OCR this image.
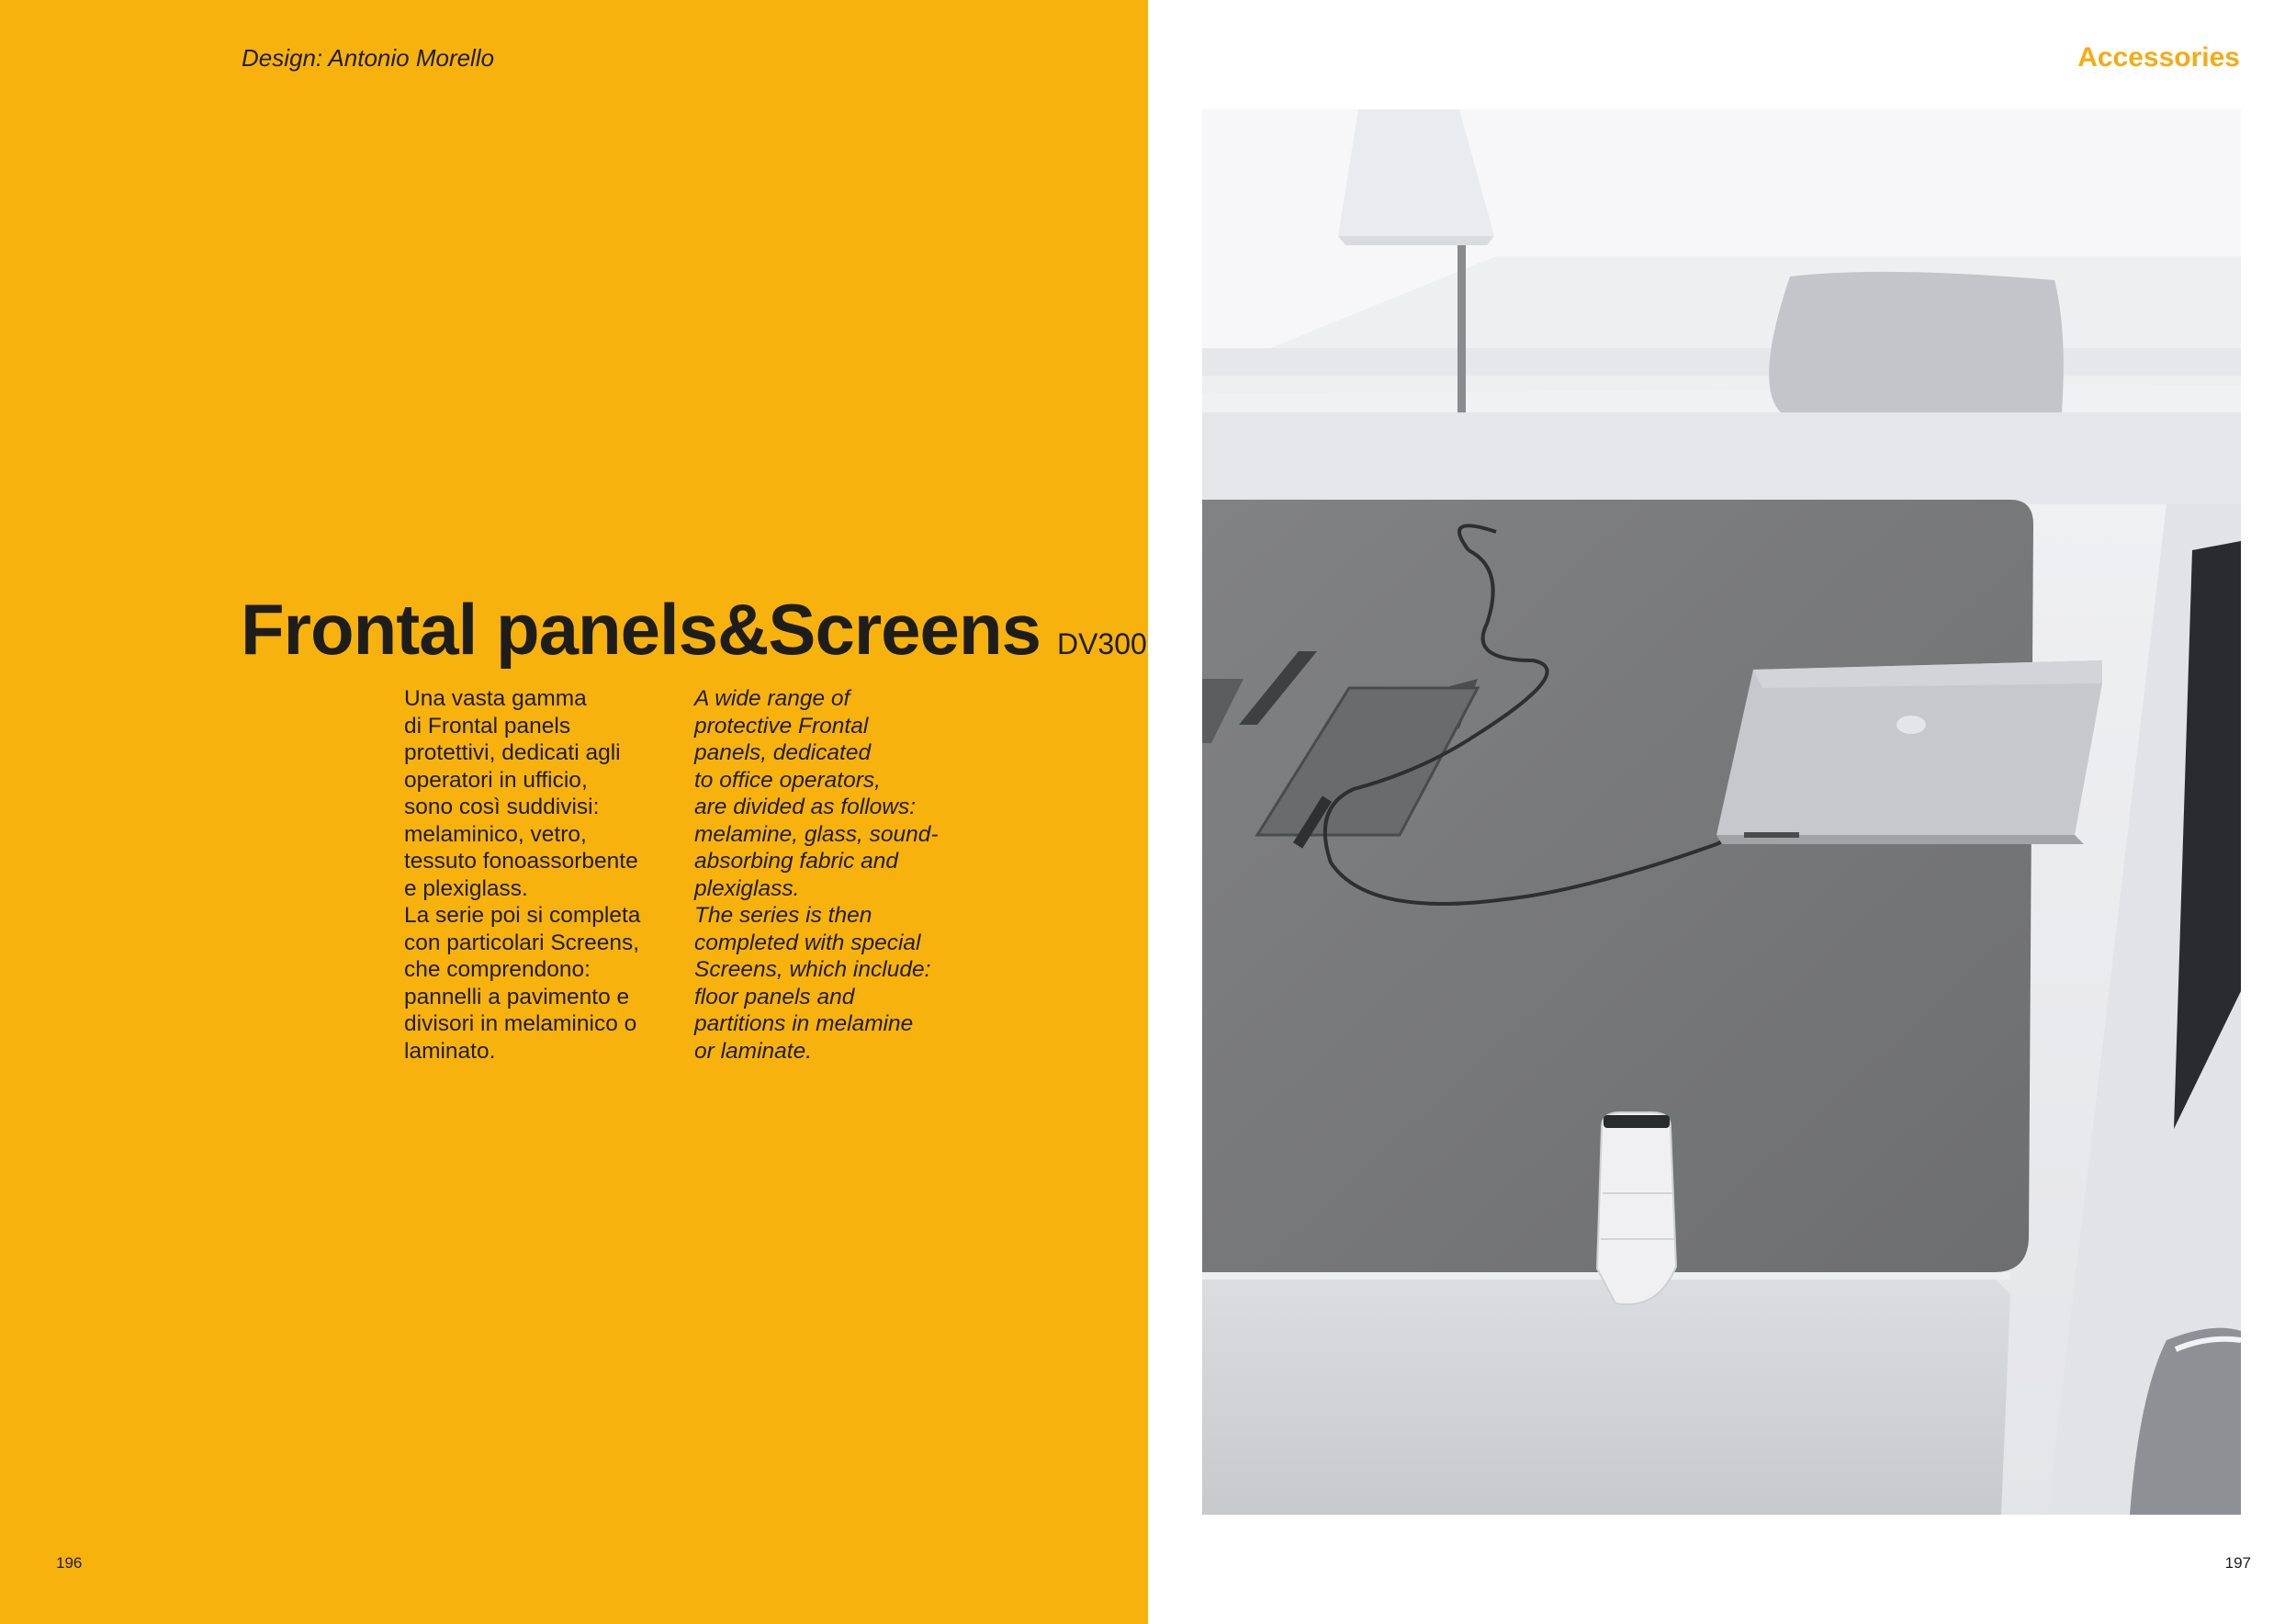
Design: Antonio Morello
Frontal panels&Screens DV300
Una vasta gamma
di Frontal panels
protettivi, dedicati agli
operatori in ufficio,
sono così suddivisi:
melaminico, vetro,
tessuto fonoassorbente
e plexiglass.
La serie poi si completa
con particolari Screens,
che comprendono:
pannelli a pavimento e
divisori in melaminico o
laminato.
A wide range of
protective Frontal
panels, dedicated
to office operators,
are divided as follows:
melamine, glass, sound-
absorbing fabric and
plexiglass.
The series is then
completed with special
Screens, which include:
floor panels and
partitions in melamine
or laminate.
196
Accessories
197
